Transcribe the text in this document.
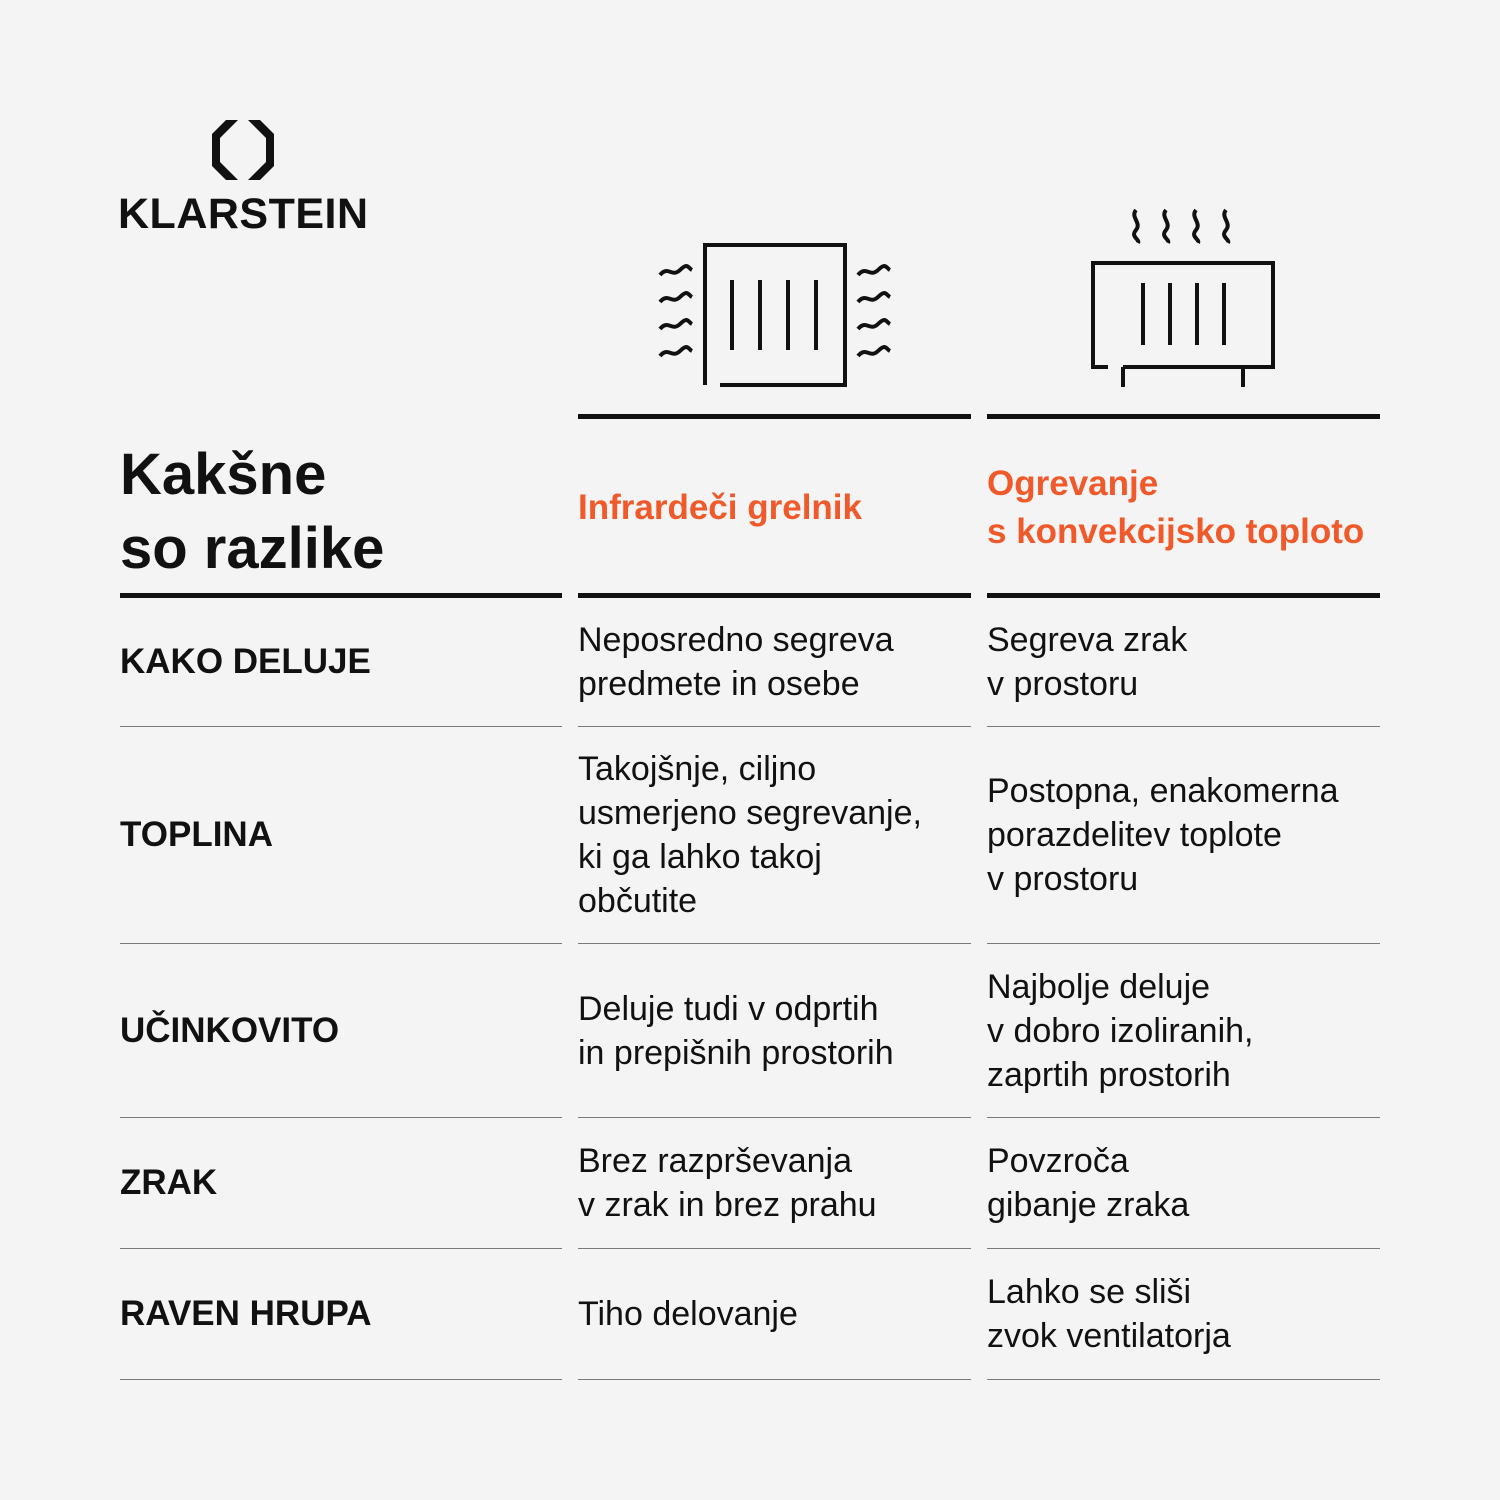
KLARSTEIN
Kakšne
so razlike
Infrardeči grelnik
Ogrevanje
s konvekcijsko toploto
KAKO DELUJE
Neposredno segreva
predmete in osebe
Segreva zrak
v prostoru
TOPLINA
Takojšnje, ciljno
usmerjeno segrevanje,
ki ga lahko takoj
občutite
Postopna, enakomerna
porazdelitev toplote
v prostoru
UČINKOVITO
Deluje tudi v odprtih
in prepišnih prostorih
Najbolje deluje
v dobro izoliranih,
zaprtih prostorih
ZRAK
Brez razprševanja
v zrak in brez prahu
Povzroča
gibanje zraka
RAVEN HRUPA	Tiho delovanje
Lahko se sliši
zvok ventilatorja
